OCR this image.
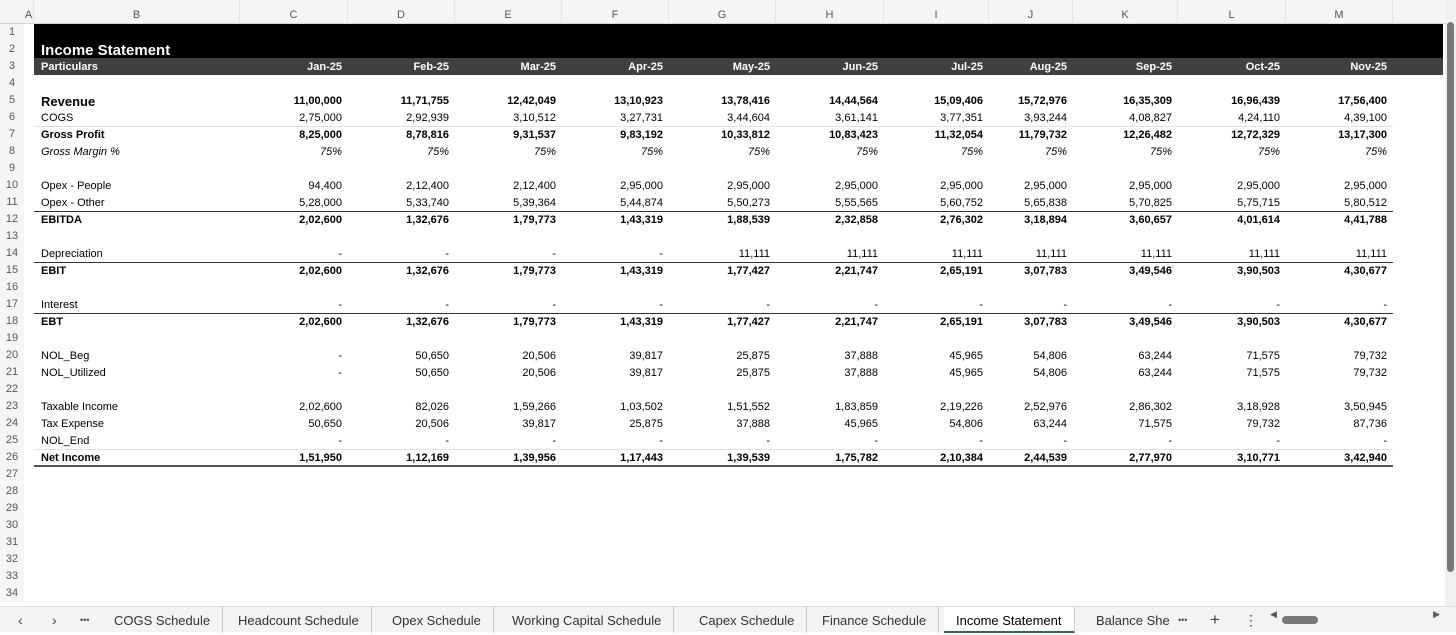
A	B	C	D	E	F	G	H	I	J	K	L	M
1
2	Income Statement
3	Particulars	Jan-25	Feb-25	Mar-25	Apr-25	May-25	Jun-25	Jul-25	Aug-25	Sep-25	Oct-25	Nov-25
4
5	Revenue	11,00,000	11,71,755	12,42,049	13,10,923	13,78,416	14,44,564	15,09,406	15,72,976	16,35,309	16,96,439	17,56,400
6	COGS	2,75,000	2,92,939	3,10,512	3,27,731	3,44,604	3,61,141	3,77,351	3,93,244	4,08,827	4,24,110	4,39,100
7	Gross Profit	8,25,000	8,78,816	9,31,537	9,83,192	10,33,812	10,83,423	11,32,054	11,79,732	12,26,482	12,72,329	13,17,300
8	Gross Margin %	75%	75%	75%	75%	75%	75%	75%	75%	75%	75%	75%
9
10	Opex - People	94,400	2,12,400	2,12,400	2,95,000	2,95,000	2,95,000	2,95,000	2,95,000	2,95,000	2,95,000	2,95,000
11	Opex - Other	5,28,000	5,33,740	5,39,364	5,44,874	5,50,273	5,55,565	5,60,752	5,65,838	5,70,825	5,75,715	5,80,512
12	EBITDA	2,02,600	1,32,676	1,79,773	1,43,319	1,88,539	2,32,858	2,76,302	3,18,894	3,60,657	4,01,614	4,41,788
13
14	Depreciation	-	-	-	-	11,111	11,111	11,111	11,111	11,111	11,111	11,111
15	EBIT	2,02,600	1,32,676	1,79,773	1,43,319	1,77,427	2,21,747	2,65,191	3,07,783	3,49,546	3,90,503	4,30,677
16
17	Interest	-	-	-	-	-	-	-	-	-	-	-
18	EBT	2,02,600	1,32,676	1,79,773	1,43,319	1,77,427	2,21,747	2,65,191	3,07,783	3,49,546	3,90,503	4,30,677
19
20	NOL_Beg	-	50,650	20,506	39,817	25,875	37,888	45,965	54,806	63,244	71,575	79,732
21	NOL_Utilized	-	50,650	20,506	39,817	25,875	37,888	45,965	54,806	63,244	71,575	79,732
22
23	Taxable Income	2,02,600	82,026	1,59,266	1,03,502	1,51,552	1,83,859	2,19,226	2,52,976	2,86,302	3,18,928	3,50,945
24	Tax Expense	50,650	20,506	39,817	25,875	37,888	45,965	54,806	63,244	71,575	79,732	87,736
25	NOL_End	-	-	-	-	-	-	-	-	-	-	-
26	Net Income	1,51,950	1,12,169	1,39,956	1,17,443	1,39,539	1,75,782	2,10,384	2,44,539	2,77,970	3,10,771	3,42,940
27
28
29
30
31
32
33
34
‹ ›	•••	COGS Schedule	Headcount Schedule	Opex Schedule	Working Capital Schedule	Capex Schedule	Finance Schedule	Income Statement	Balance She ••• + ⋮ ◀	▶
